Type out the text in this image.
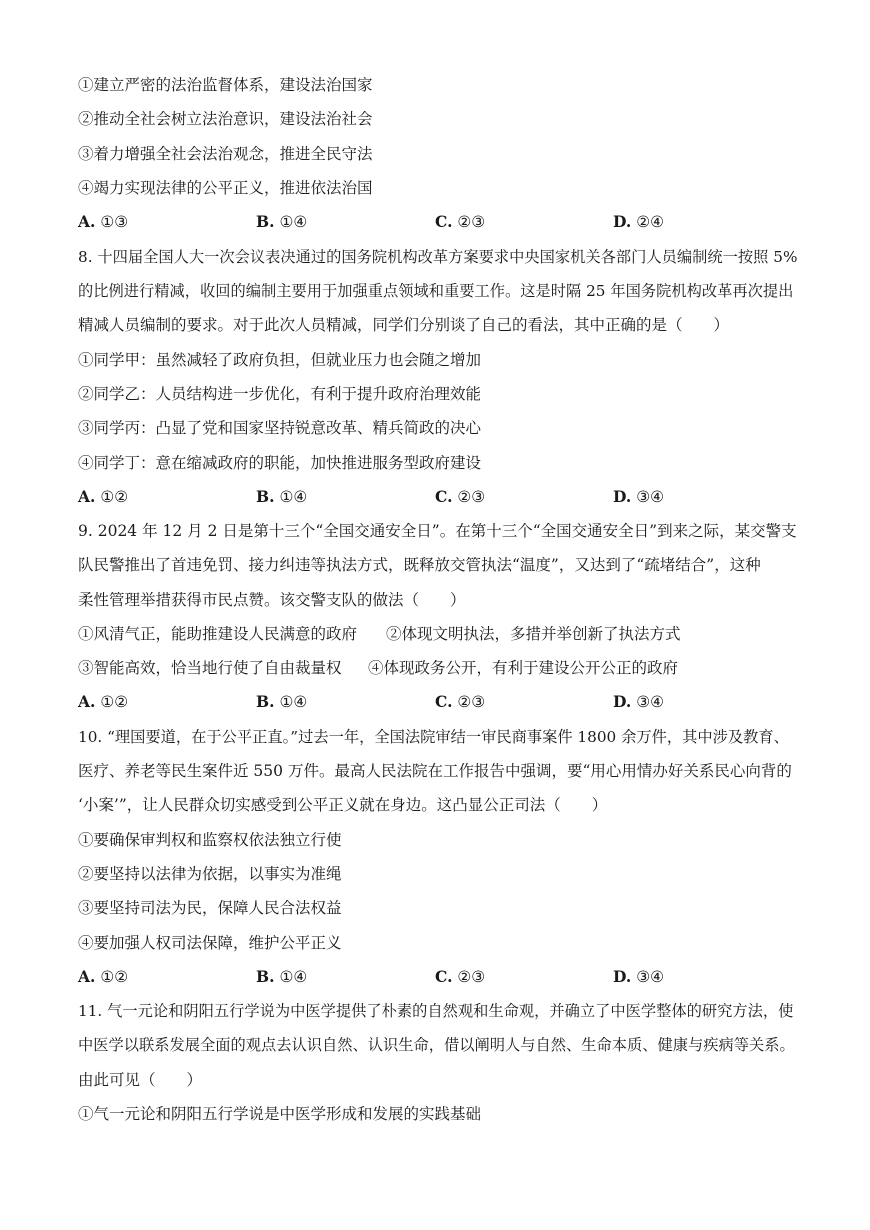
①建立严密的法治监督体系，建设法治国家
②推动全社会树立法治意识，建设法治社会
③着力增强全社会法治观念，推进全民守法
④竭力实现法律的公平正义，推进依法治国
A. ①③	B. ①④	C. ②③	D. ②④
8. 十四届全国人大一次会议表决通过的国务院机构改革方案要求中央国家机关各部门人员编制统一按照 5%
的比例进行精减，收回的编制主要用于加强重点领域和重要工作。这是时隔 25 年国务院机构改革再次提出
精减人员编制的要求。对于此次人员精减，同学们分别谈了自己的看法，其中正确的是（　　）
①同学甲：虽然减轻了政府负担，但就业压力也会随之增加
②同学乙：人员结构进一步优化，有利于提升政府治理效能
③同学丙：凸显了党和国家坚持锐意改革、精兵简政的决心
④同学丁：意在缩减政府的职能，加快推进服务型政府建设
A. ①②	B. ①④	C. ②③	D. ③④
9. 2024 年 12 月 2 日是第十三个“全国交通安全日”。在第十三个“全国交通安全日”到来之际，某交警支
队民警推出了首违免罚、接力纠违等执法方式，既释放交管执法“温度”，又达到了“疏堵结合”，这种
柔性管理举措获得市民点赞。该交警支队的做法（　　）
①风清气正，能助推建设人民满意的政府 ②体现文明执法，多措并举创新了执法方式
③智能高效，恰当地行使了自由裁量权 ④体现政务公开，有利于建设公开公正的政府
A. ①②	B. ①④	C. ②③	D. ③④
10. “理国要道，在于公平正直。”过去一年，全国法院审结一审民商事案件 1800 余万件，其中涉及教育、
医疗、养老等民生案件近 550 万件。最高人民法院在工作报告中强调，要“用心用情办好关系民心向背的
‘小案’”，让人民群众切实感受到公平正义就在身边。这凸显公正司法（　　）
①要确保审判权和监察权依法独立行使
②要坚持以法律为依据，以事实为准绳
③要坚持司法为民，保障人民合法权益
④要加强人权司法保障，维护公平正义
A. ①②	B. ①④	C. ②③	D. ③④
11. 气一元论和阴阳五行学说为中医学提供了朴素的自然观和生命观，并确立了中医学整体的研究方法，使
中医学以联系发展全面的观点去认识自然、认识生命，借以阐明人与自然、生命本质、健康与疾病等关系。
由此可见（　　）
①气一元论和阴阳五行学说是中医学形成和发展的实践基础
